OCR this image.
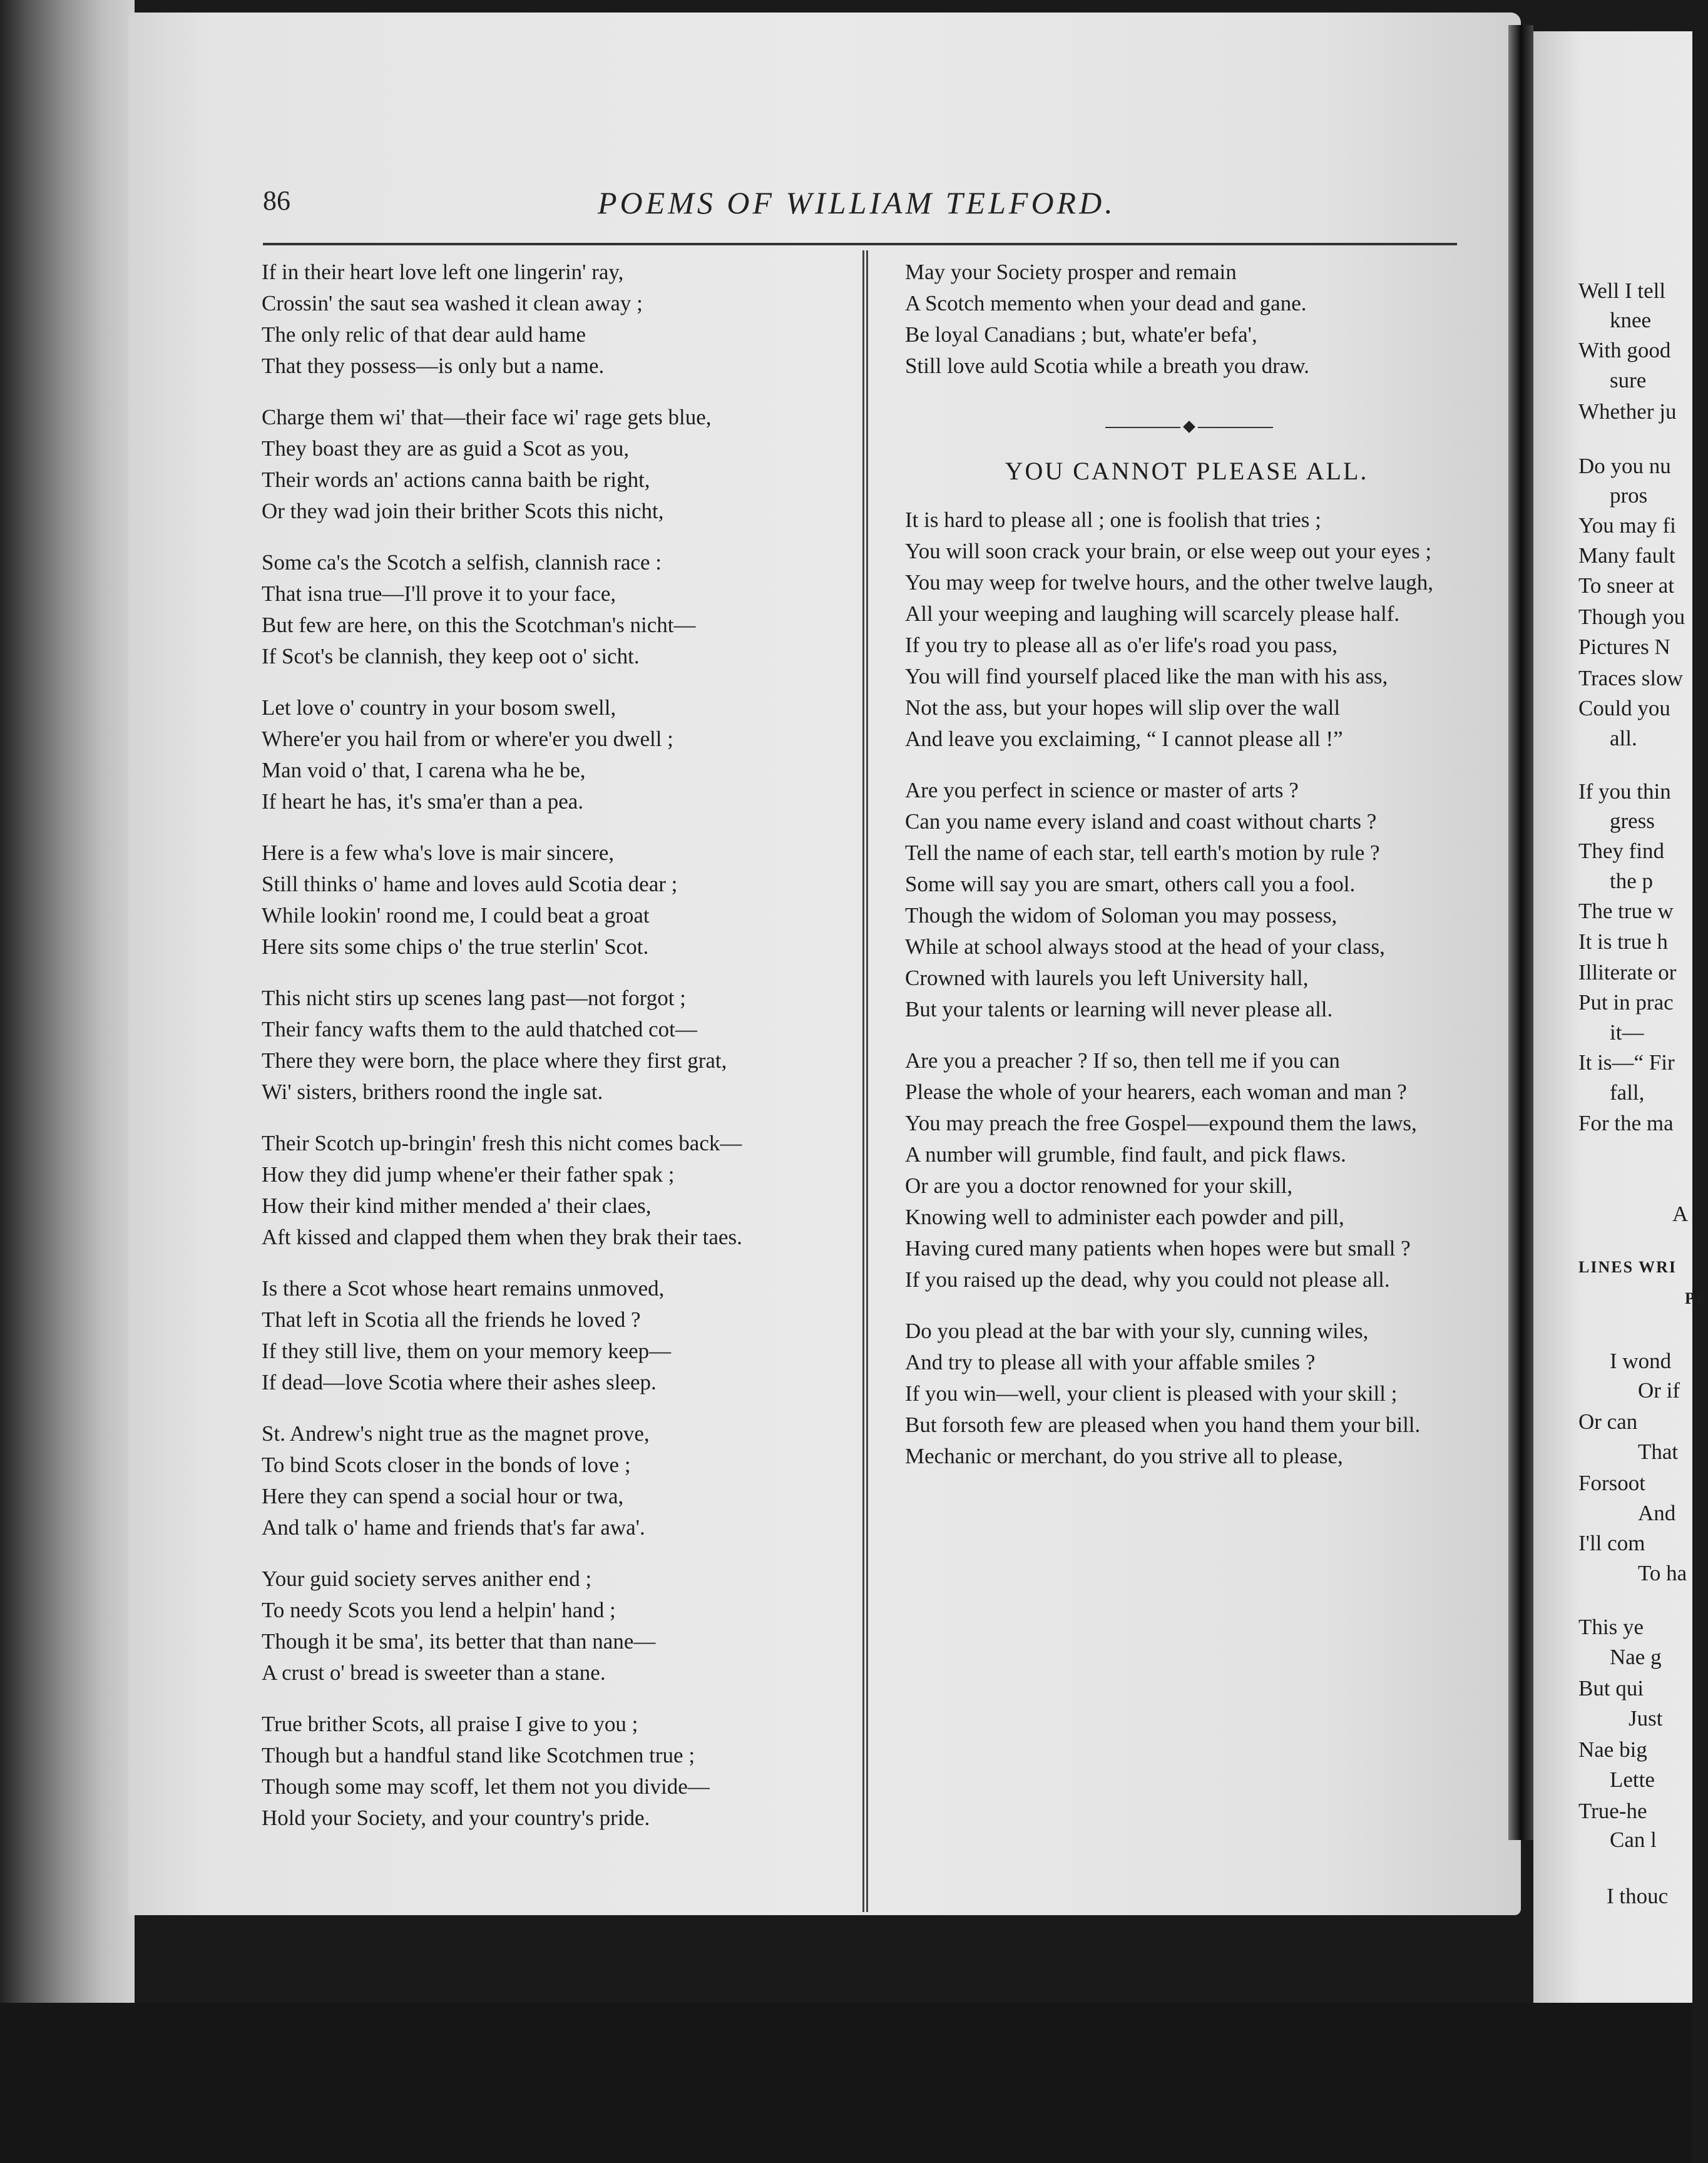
86	POEMS OF WILLIAM TELFORD.
If in their heart love left one lingerin' ray,
Crossin' the saut sea washed it clean away ;
The only relic of that dear auld hame
That they possess—is only but a name.
Charge them wi' that—their face wi' rage gets blue,
They boast they are as guid a Scot as you,
Their words an' actions canna baith be right,
Or they wad join their brither Scots this nicht,
Some ca's the Scotch a selfish, clannish race :
That isna true—I'll prove it to your face,
But few are here, on this the Scotchman's nicht—
If Scot's be clannish, they keep oot o' sicht.
Let love o' country in your bosom swell,
Where'er you hail from or where'er you dwell ;
Man void o' that, I carena wha he be,
If heart he has, it's sma'er than a pea.
Here is a few wha's love is mair sincere,
Still thinks o' hame and loves auld Scotia dear ;
While lookin' roond me, I could beat a groat
Here sits some chips o' the true sterlin' Scot.
This nicht stirs up scenes lang past—not forgot ;
Their fancy wafts them to the auld thatched cot—
There they were born, the place where they first grat,
Wi' sisters, brithers roond the ingle sat.
Their Scotch up-bringin' fresh this nicht comes back—
How they did jump whene'er their father spak ;
How their kind mither mended a' their claes,
Aft kissed and clapped them when they brak their taes.
Is there a Scot whose heart remains unmoved,
That left in Scotia all the friends he loved ?
If they still live, them on your memory keep—
If dead—love Scotia where their ashes sleep.
St. Andrew's night true as the magnet prove,
To bind Scots closer in the bonds of love ;
Here they can spend a social hour or twa,
And talk o' hame and friends that's far awa'.
Your guid society serves anither end ;
To needy Scots you lend a helpin' hand ;
Though it be sma', its better that than nane—
A crust o' bread is sweeter than a stane.
True brither Scots, all praise I give to you ;
Though but a handful stand like Scotchmen true ;
Though some may scoff, let them not you divide—
Hold your Society, and your country's pride.
May your Society prosper and remain
A Scotch memento when your dead and gane.
Be loyal Canadians ; but, whate'er befa',
Still love auld Scotia while a breath you draw.
YOU CANNOT PLEASE ALL.
It is hard to please all ; one is foolish that tries ;
You will soon crack your brain, or else weep out your eyes ;
You may weep for twelve hours, and the other twelve laugh,
All your weeping and laughing will scarcely please half.
If you try to please all as o'er life's road you pass,
You will find yourself placed like the man with his ass,
Not the ass, but your hopes will slip over the wall
And leave you exclaiming, “ I cannot please all !”
Are you perfect in science or master of arts ?
Can you name every island and coast without charts ?
Tell the name of each star, tell earth's motion by rule ?
Some will say you are smart, others call you a fool.
Though the widom of Soloman you may possess,
While at school always stood at the head of your class,
Crowned with laurels you left University hall,
But your talents or learning will never please all.
Are you a preacher ? If so, then tell me if you can
Please the whole of your hearers, each woman and man ?
You may preach the free Gospel—expound them the laws,
A number will grumble, find fault, and pick flaws.
Or are you a doctor renowned for your skill,
Knowing well to administer each powder and pill,
Having cured many patients when hopes were but small ?
If you raised up the dead, why you could not please all.
Do you plead at the bar with your sly, cunning wiles,
And try to please all with your affable smiles ?
If you win—well, your client is pleased with your skill ;
But forsoth few are pleased when you hand them your bill.
Mechanic or merchant, do you strive all to please,
Well I tell
knee
With good
sure
Whether ju
Do you nu
pros
You may fi
Many fault
To sneer at
Though you
Pictures N
Traces slow
Could you
all.
If you thin
gress
They find
the p
The true w
It is true h
Illiterate or
Put in prac
it—
It is—“ Fir
fall,
For the ma
A
LINES WRI
PE
I wond
Or if
Or can
That
Forsoot
And
I'll com
To ha
This ye
Nae g
But qui
Just
Nae big
Lette
True-he
Can l
I thouc
